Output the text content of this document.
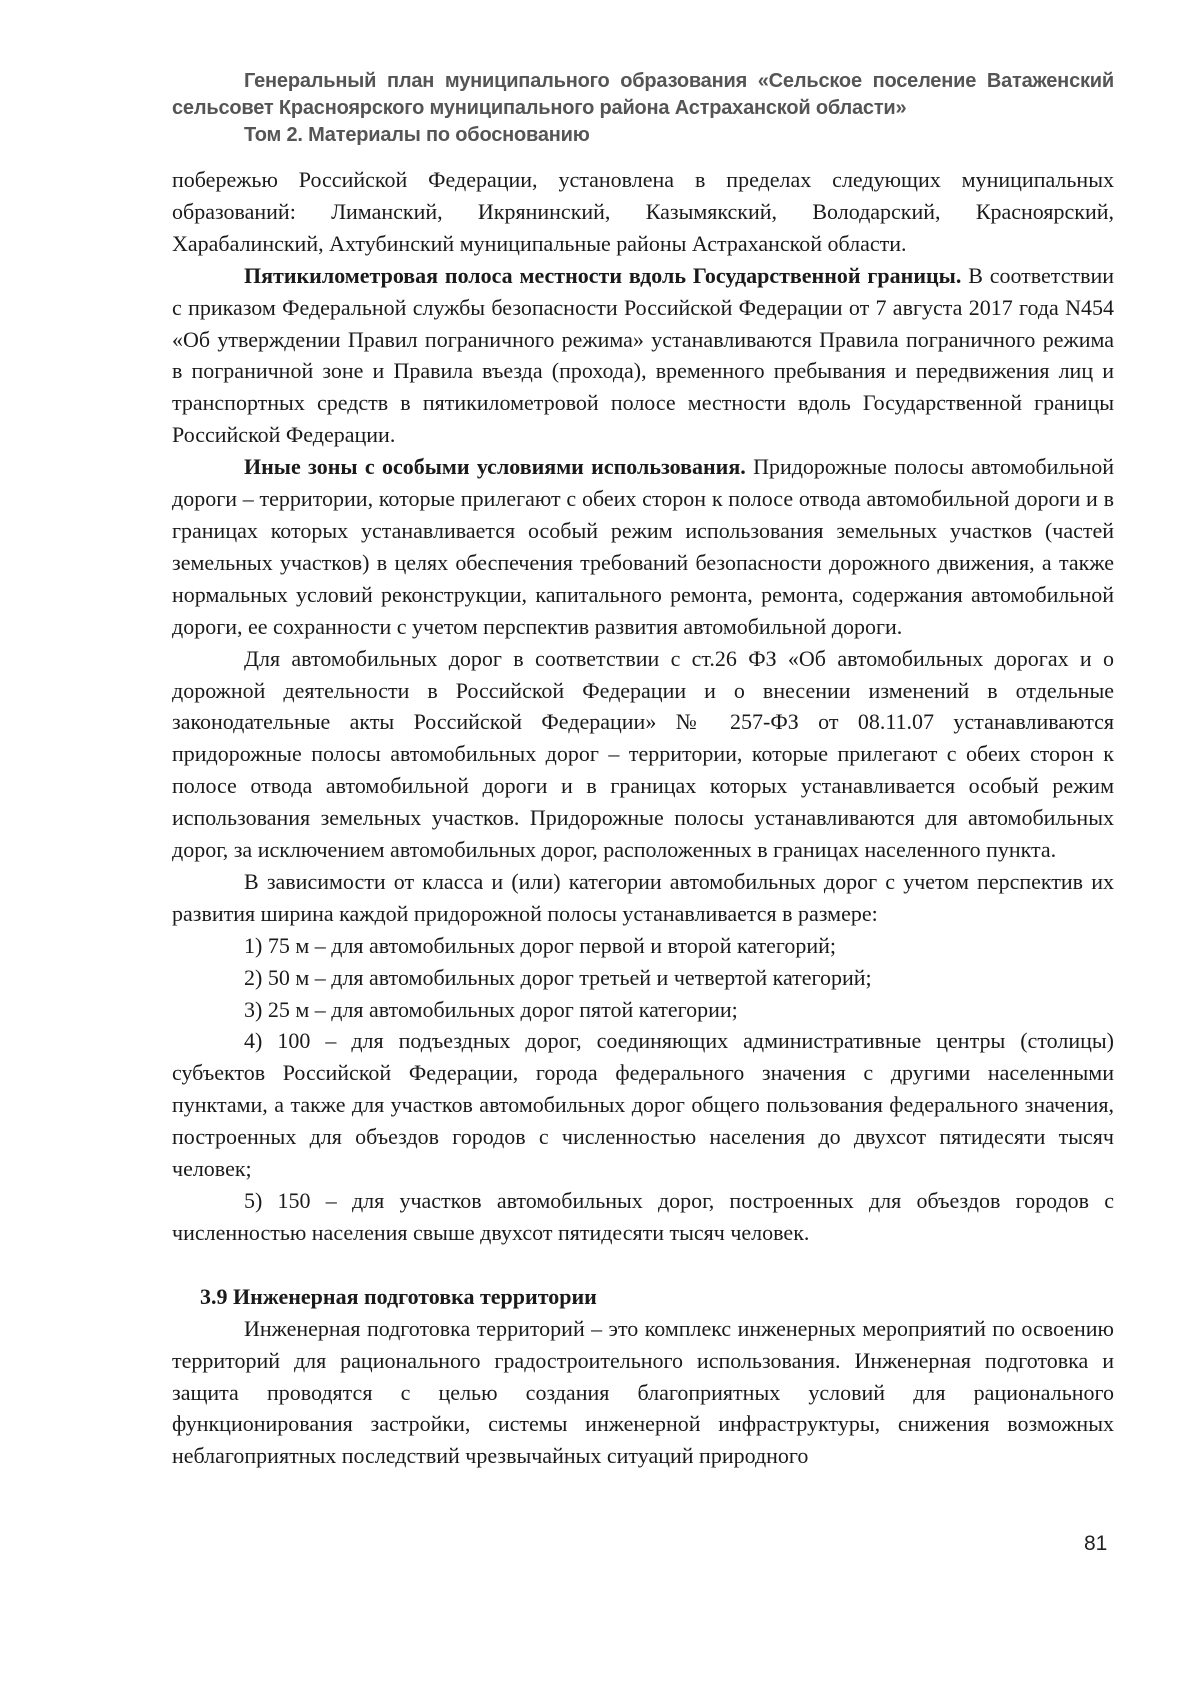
Генеральный план муниципального образования «Сельское поселение Ватаженский
сельсовет Красноярского муниципального района Астраханской области»
Том 2. Материалы по обоснованию

побережью Российской Федерации, установлена в пределах следующих муниципальных образований: Лиманский, Икрянинский, Казымякский, Володарский, Красноярский, Харабалинский, Ахтубинский муниципальные районы Астраханской области.

Пятикилометровая полоса местности вдоль Государственной границы. В соответствии с приказом Федеральной службы безопасности Российской Федерации от 7 августа 2017 года N454 «Об утверждении Правил пограничного режима» устанавливаются Правила пограничного режима в пограничной зоне и Правила въезда (прохода), временного пребывания и передвижения лиц и транспортных средств в пятикилометровой полосе местности вдоль Государственной границы Российской Федерации.

Иные зоны с особыми условиями использования. Придорожные полосы автомобильной дороги – территории, которые прилегают с обеих сторон к полосе отвода автомобильной дороги и в границах которых устанавливается особый режим использования земельных участков (частей земельных участков) в целях обеспечения требований безопасности дорожного движения, а также нормальных условий реконструкции, капитального ремонта, ремонта, содержания автомобильной дороги, ее сохранности с учетом перспектив развития автомобильной дороги.

Для автомобильных дорог в соответствии с ст.26 ФЗ «Об автомобильных дорогах и о дорожной деятельности в Российской Федерации и о внесении изменений в отдельные законодательные акты Российской Федерации» № 257-ФЗ от 08.11.07 устанавливаются придорожные полосы автомобильных дорог – территории, которые прилегают с обеих сторон к полосе отвода автомобильной дороги и в границах которых устанавливается особый режим использования земельных участков. Придорожные полосы устанавливаются для автомобильных дорог, за исключением автомобильных дорог, расположенных в границах населенного пункта.

В зависимости от класса и (или) категории автомобильных дорог с учетом перспектив их развития ширина каждой придорожной полосы устанавливается в размере:

1) 75 м – для автомобильных дорог первой и второй категорий;

2) 50 м – для автомобильных дорог третьей и четвертой категорий;

3) 25 м – для автомобильных дорог пятой категории;

4) 100 – для подъездных дорог, соединяющих административные центры (столицы) субъектов Российской Федерации, города федерального значения с другими населенными пунктами, а также для участков автомобильных дорог общего пользования федерального значения, построенных для объездов городов с численностью населения до двухсот пятидесяти тысяч человек;

5) 150 – для участков автомобильных дорог, построенных для объездов городов с численностью населения свыше двухсот пятидесяти тысяч человек.

3.9 Инженерная подготовка территории

Инженерная подготовка территорий – это комплекс инженерных мероприятий по освоению территорий для рационального градостроительного использования. Инженерная подготовка и защита проводятся с целью создания благоприятных условий для рационального функционирования застройки, системы инженерной инфраструктуры, снижения возможных неблагоприятных последствий чрезвычайных ситуаций природного

81
